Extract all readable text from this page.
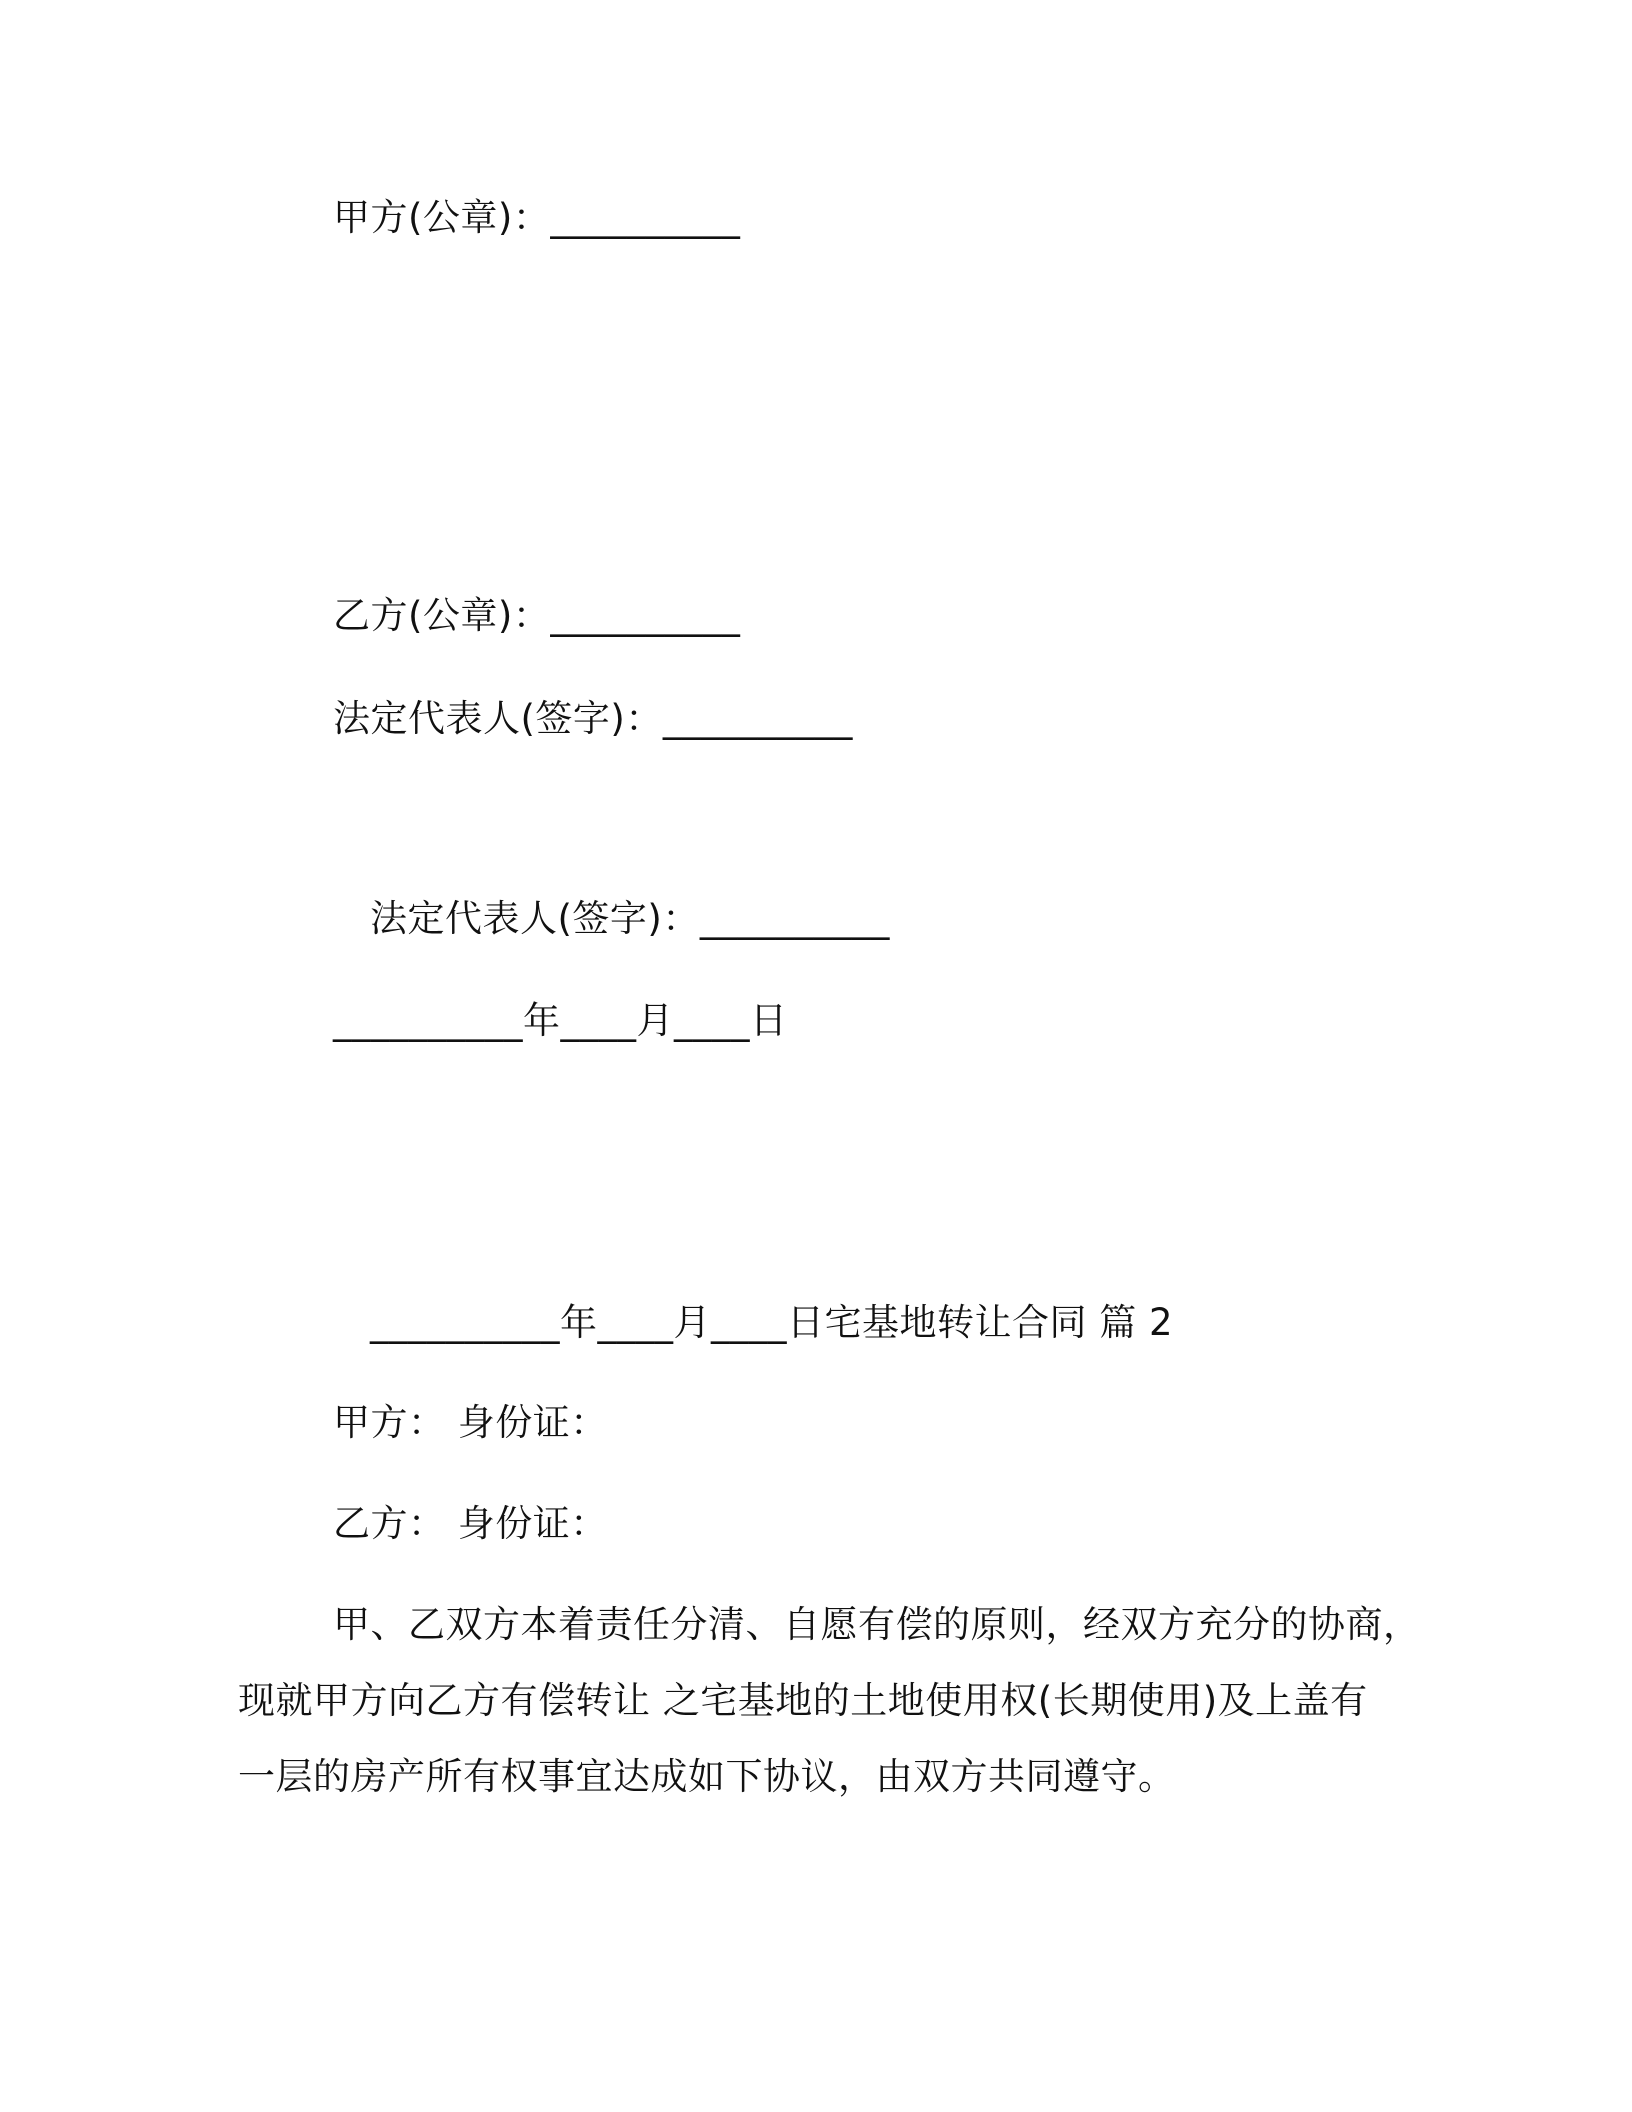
甲方(公章)：__________
乙方(公章)：__________
法定代表人(签字)：__________
法定代表人(签字)：__________
__________年____月____日
__________年____月____日宅基地转让合同 篇 2
甲方： 身份证：
乙方： 身份证：
甲、乙双方本着责任分清、自愿有偿的原则，经双方充分的协商，
现就甲方向乙方有偿转让 之宅基地的土地使用权(长期使用)及上盖有
一层的房产所有权事宜达成如下协议，由双方共同遵守。
